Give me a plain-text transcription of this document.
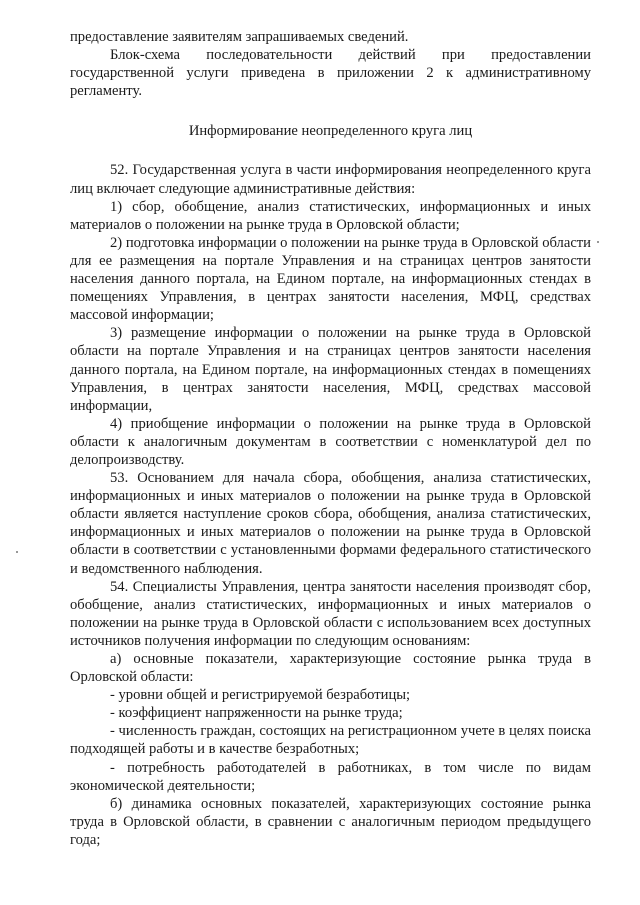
предоставление заявителям запрашиваемых сведений.

Блок-схема последовательности действий при предоставлении государственной услуги приведена в приложении 2 к административному регламенту.

Информирование неопределенного круга лиц

52. Государственная услуга в части информирования неопределенного круга лиц включает следующие административные действия:

1) сбор, обобщение, анализ статистических, информационных и иных материалов о положении на рынке труда в Орловской области;

2) подготовка информации о положении на рынке труда в Орловской области для ее размещения на портале Управления и на страницах центров занятости населения данного портала, на Едином портале, на информационных стендах в помещениях Управления, в центрах занятости населения, МФЦ, средствах массовой информации;

3) размещение информации о положении на рынке труда в Орловской области на портале Управления и на страницах центров занятости населения данного портала, на Едином портале, на информационных стендах в помещениях Управления, в центрах занятости населения, МФЦ, средствах массовой информации,

4) приобщение информации о положении на рынке труда в Орловской области к аналогичным документам в соответствии с номенклатурой дел по делопроизводству.

53. Основанием для начала сбора, обобщения, анализа статистических, информационных и иных материалов о положении на рынке труда в Орловской области является наступление сроков сбора, обобщения, анализа статистических, информационных и иных материалов о положении на рынке труда в Орловской области в соответствии с установленными формами федерального статистического и ведомственного наблюдения.

54. Специалисты Управления, центра занятости населения производят сбор, обобщение, анализ статистических, информационных и иных материалов о положении на рынке труда в Орловской области с использованием всех доступных источников получения информации по следующим основаниям:

а) основные показатели, характеризующие состояние рынка труда в Орловской области:

- уровни общей и регистрируемой безработицы;

- коэффициент напряженности на рынке труда;

- численность граждан, состоящих на регистрационном учете в целях поиска подходящей работы и в качестве безработных;

- потребность работодателей в работниках, в том числе по видам экономической деятельности;

б) динамика основных показателей, характеризующих состояние рынка труда в Орловской области, в сравнении с аналогичным периодом предыдущего года;
